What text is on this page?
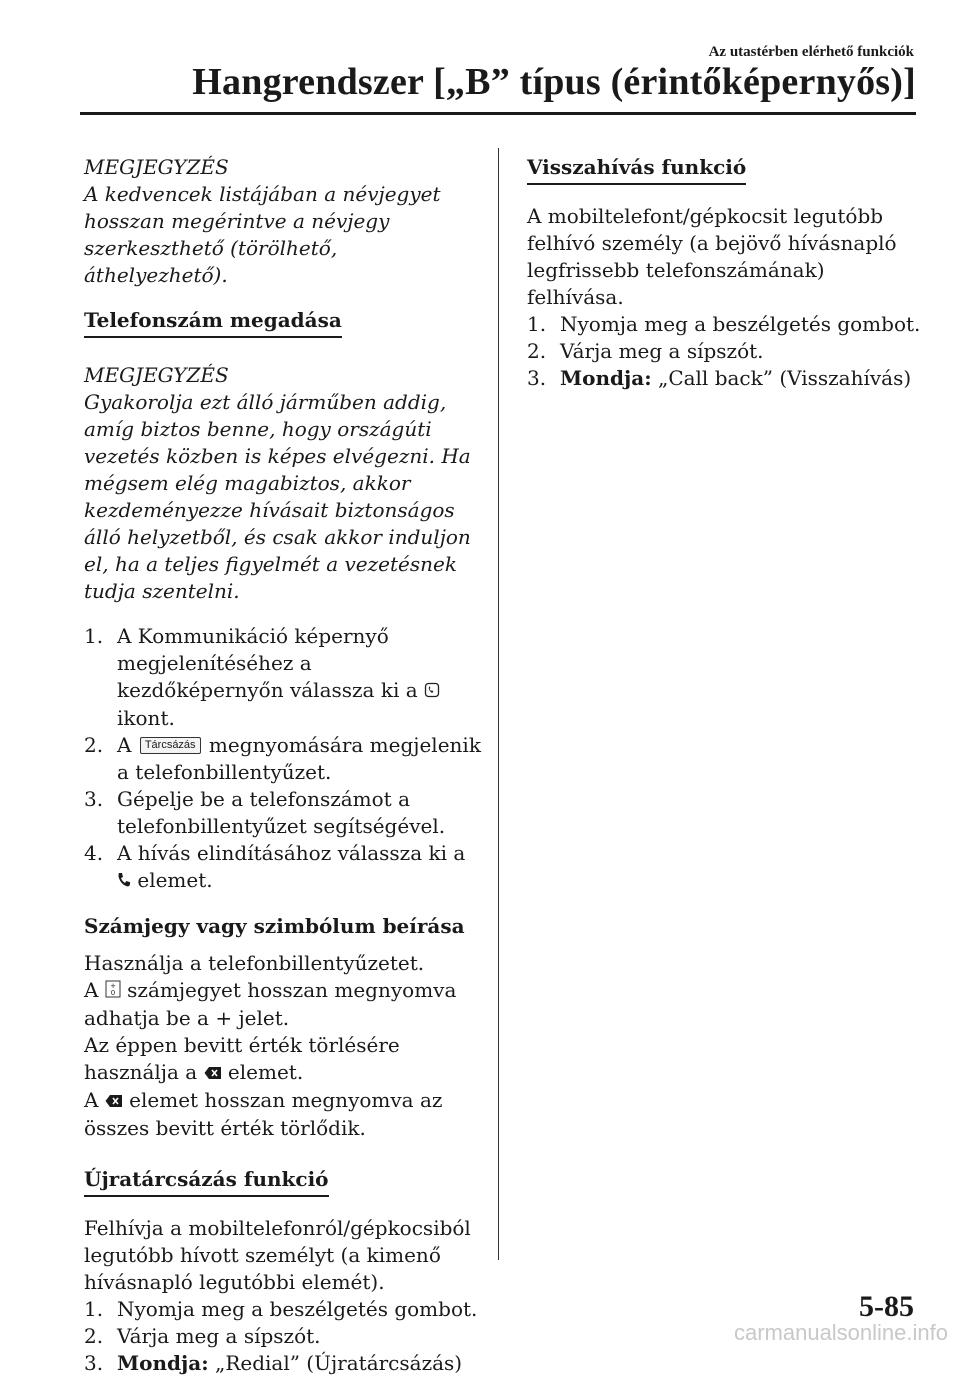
Az utastérben elérhető funkciók
Hangrendszer [„B” típus (érintőképernyős)]

MEGJEGYZÉS

A kedvencek listájában a névjegyet hosszan megérintve a névjegy szerkeszthető (törölhető, áthelyezhető).

Telefonszám megadása

MEGJEGYZÉS

Gyakorolja ezt álló járműben addig, amíg biztos benne, hogy országúti vezetés közben is képes elvégezni. Ha mégsem elég magabiztos, akkor kezdeményezze hívásait biztonságos álló helyzetből, és csak akkor induljon el, ha a teljes figyelmét a vezetésnek tudja szentelni.

1. A Kommunikáció képernyő megjelenítéséhez a kezdőképernyőn válassza ki a  ikont.
2. A Tárcsázás megnyomására megjelenik a telefonbillentyűzet.
3. Gépelje be a telefonszámot a telefonbillentyűzet segítségével.
4. A hívás elindításához válassza ki a  elemet.

Számjegy vagy szimbólum beírása

Használja a telefonbillentyűzetet.

A +
0 számjegyet hosszan megnyomva adhatja be a + jelet.

Az éppen bevitt érték törlésére használja a  elemet.

A  elemet hosszan megnyomva az összes bevitt érték törlődik.

Újratárcsázás funkció

Felhívja a mobiltelefonról/gépkocsiból legutóbb hívott személyt (a kimenő hívásnapló legutóbbi elemét).

1. Nyomja meg a beszélgetés gombot.
2. Várja meg a sípszót.
3. Mondja: „Redial” (Újratárcsázás)

Visszahívás funkció

A mobiltelefont/gépkocsit legutóbb felhívó személy (a bejövő hívásnapló legfrissebb telefonszámának) felhívása.

1. Nyomja meg a beszélgetés gombot.
2. Várja meg a sípszót.
3. Mondja: „Call back” (Visszahívás)
5-85
carmanualsonline.info
